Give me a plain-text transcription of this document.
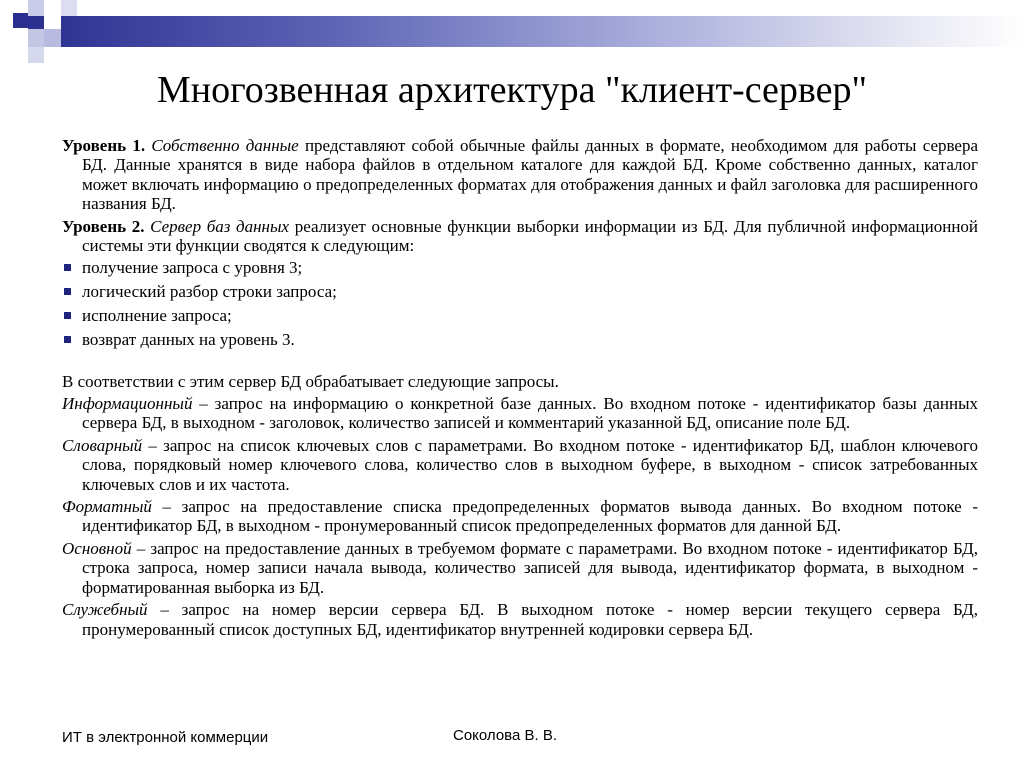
Многозвенная архитектура "клиент-сервер"

Уровень 1. Собственно данные представляют собой обычные файлы данных в формате, необходимом для работы сервера БД. Данные хранятся в виде набора файлов в отдельном каталоге для каждой БД. Кроме собственно данных, каталог может включать информацию о предопределенных форматах для отображения данных и файл заголовка для расширенного названия БД.

Уровень 2. Сервер баз данных реализует основные функции выборки информации из БД. Для публичной информационной системы эти функции сводятся к следующим:

получение запроса с уровня 3;
логический разбор строки запроса;
исполнение запроса;
возврат данных на уровень 3.

В соответствии с этим сервер БД обрабатывает следующие запросы.

Информационный – запрос на информацию о конкретной базе данных. Во входном потоке - идентификатор базы данных сервера БД, в выходном - заголовок, количество записей и комментарий указанной БД, описание поле БД.

Словарный – запрос на список ключевых слов с параметрами. Во входном потоке - идентификатор БД, шаблон ключевого слова, порядковый номер ключевого слова, количество слов в выходном буфере, в выходном - список затребованных ключевых слов и их частота.

Форматный – запрос на предоставление списка предопределенных форматов вывода данных. Во входном потоке - идентификатор БД, в выходном - пронумерованный список предопределенных форматов для данной БД.

Основной – запрос на предоставление данных в требуемом формате с параметрами. Во входном потоке - идентификатор БД, строка запроса, номер записи начала вывода, количество записей для вывода, идентификатор формата, в выходном - форматированная выборка из БД.

Служебный – запрос на номер версии сервера БД. В выходном потоке - номер версии текущего сервера БД, пронумерованный список доступных БД, идентификатор внутренней кодировки сервера БД.

ИТ в электронной коммерции	Соколова В. В.
